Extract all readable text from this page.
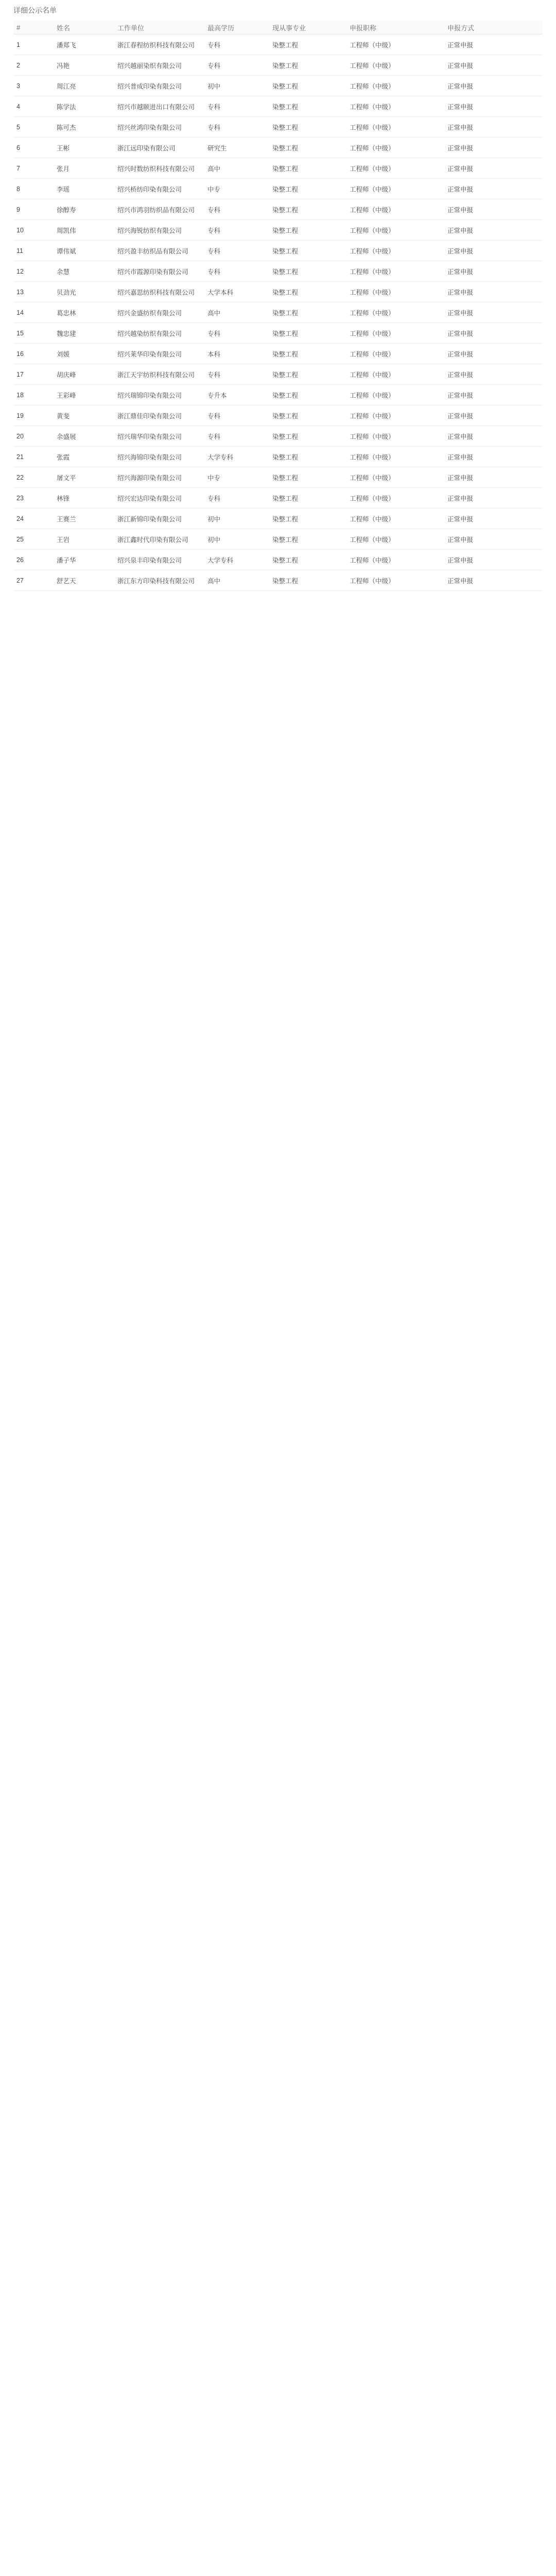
详细公示名单
#	姓名	工作单位	最高学历	现从事专业	申报职称	申报方式
1	潘郑飞	浙江春程纺织科技有限公司	专科	染整工程	工程师（中级）	正常申报
2	冯艳	绍兴越丽染织有限公司	专科	染整工程	工程师（中级）	正常申报
3	周江亮	绍兴普成印染有限公司	初中	染整工程	工程师（中级）	正常申报
4	陈学法	绍兴市越颐进出口有限公司	专科	染整工程	工程师（中级）	正常申报
5	陈可杰	绍兴丝鸿印染有限公司	专科	染整工程	工程师（中级）	正常申报
6	王彬	浙江远印染有限公司	研究生	染整工程	工程师（中级）	正常申报
7	张月	绍兴时数纺织科技有限公司	高中	染整工程	工程师（中级）	正常申报
8	李瑶	绍兴桥纺印染有限公司	中专	染整工程	工程师（中级）	正常申报
9	徐醇寿	绍兴市鸿羽纺织品有限公司	专科	染整工程	工程师（中级）	正常申报
10	周凯伟	绍兴海锐纺织有限公司	专科	染整工程	工程师（中级）	正常申报
11	谭伟斌	绍兴盈丰纺织品有限公司	专科	染整工程	工程师（中级）	正常申报
12	余慧	绍兴市霞源印染有限公司	专科	染整工程	工程师（中级）	正常申报
13	贝劲光	绍兴嘉思纺织科技有限公司	大学本科	染整工程	工程师（中级）	正常申报
14	葛忠林	绍兴金盛纺织有限公司	高中	染整工程	工程师（中级）	正常申报
15	魏忠建	绍兴越染纺织有限公司	专科	染整工程	工程师（中级）	正常申报
16	刘媛	绍兴莱华印染有限公司	本科	染整工程	工程师（中级）	正常申报
17	胡庆峰	浙江天宇纺织科技有限公司	专科	染整工程	工程师（中级）	正常申报
18	王彩峰	绍兴瑞锦印染有限公司	专升本	染整工程	工程师（中级）	正常申报
19	黄斐	浙江鼎佳印染有限公司	专科	染整工程	工程师（中级）	正常申报
20	余盛展	绍兴瑞华印染有限公司	专科	染整工程	工程师（中级）	正常申报
21	张霞	绍兴海锦印染有限公司	大学专科	染整工程	工程师（中级）	正常申报
22	屠文平	绍兴海源印染有限公司	中专	染整工程	工程师（中级）	正常申报
23	林锋	绍兴宏达印染有限公司	专科	染整工程	工程师（中级）	正常申报
24	王赛兰	浙江新锦印染有限公司	初中	染整工程	工程师（中级）	正常申报
25	王岩	浙江鑫时代印染有限公司	初中	染整工程	工程师（中级）	正常申报
26	潘子华	绍兴泉丰印染有限公司	大学专科	染整工程	工程师（中级）	正常申报
27	舒艺天	浙江东方印染科技有限公司	高中	染整工程	工程师（中级）	正常申报
